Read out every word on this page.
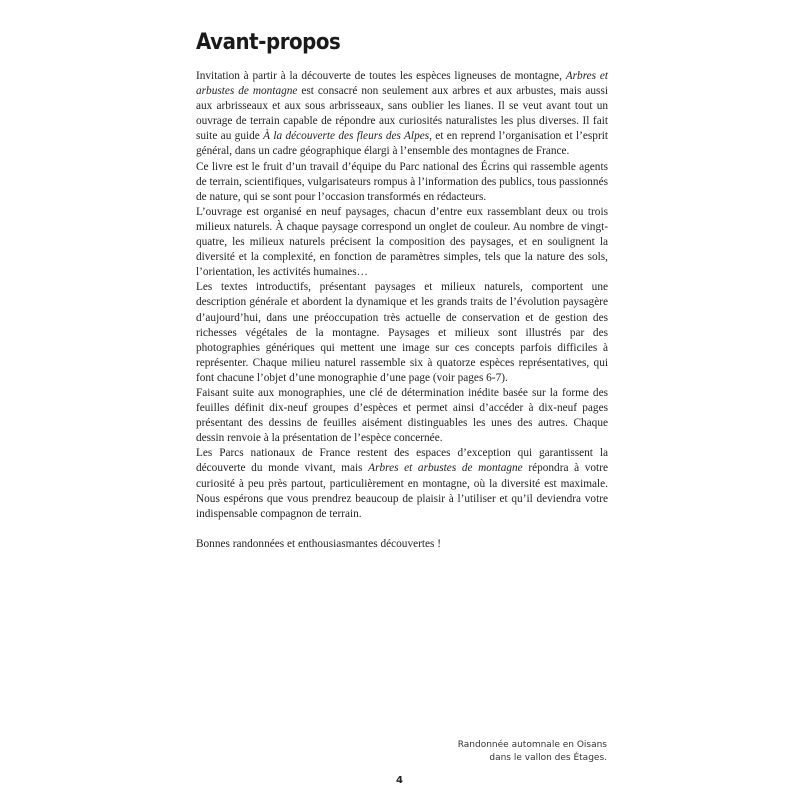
Avant-propos

Invitation à partir à la découverte de toutes les espèces ligneuses de montagne, Arbres et arbustes de montagne est consacré non seulement aux arbres et aux arbustes, mais aussi aux arbrisseaux et aux sous arbrisseaux, sans oublier les lianes. Il se veut avant tout un ouvrage de terrain capable de répondre aux curiosités naturalistes les plus diverses. Il fait suite au guide À la découverte des fleurs des Alpes, et en reprend l’organisation et l’esprit général, dans un cadre géographique élargi à l’ensemble des montagnes de France.

Ce livre est le fruit d’un travail d’équipe du Parc national des Écrins qui rassemble agents de terrain, scientifiques, vulgarisateurs rompus à l’information des publics, tous passionnés de nature, qui se sont pour l’occasion transformés en rédacteurs.

L’ouvrage est organisé en neuf paysages, chacun d’entre eux rassemblant deux ou trois milieux naturels. À chaque paysage correspond un onglet de couleur. Au nombre de vingt-quatre, les milieux naturels précisent la composition des paysages, et en soulignent la diversité et la complexité, en fonction de paramètres simples, tels que la nature des sols, l’orientation, les activités humaines…

Les textes introductifs, présentant paysages et milieux naturels, comportent une description générale et abordent la dynamique et les grands traits de l’évolution paysagère d’aujourd’hui, dans une préoccupation très actuelle de conservation et de gestion des richesses végétales de la montagne. Paysages et milieux sont illustrés par des photographies génériques qui mettent une image sur ces concepts parfois difficiles à représenter. Chaque milieu naturel rassemble six à quatorze espèces représentatives, qui font chacune l’objet d’une monographie d’une page (voir pages 6-7).

Faisant suite aux monographies, une clé de détermination inédite basée sur la forme des feuilles définit dix-neuf groupes d’espèces et permet ainsi d’accéder à dix-neuf pages présentant des dessins de feuilles aisément distinguables les unes des autres. Chaque dessin renvoie à la présentation de l’espèce concernée.

Les Parcs nationaux de France restent des espaces d’exception qui garantissent la découverte du monde vivant, mais Arbres et arbustes de montagne répondra à votre curiosité à peu près partout, particulièrement en montagne, où la diversité est maximale. Nous espérons que vous prendrez beaucoup de plaisir à l’utiliser et qu’il deviendra votre indispensable compagnon de terrain.

Bonnes randonnées et enthousiasmantes découvertes !

Randonnée automnale en Oisans
dans le vallon des Étages.
4
